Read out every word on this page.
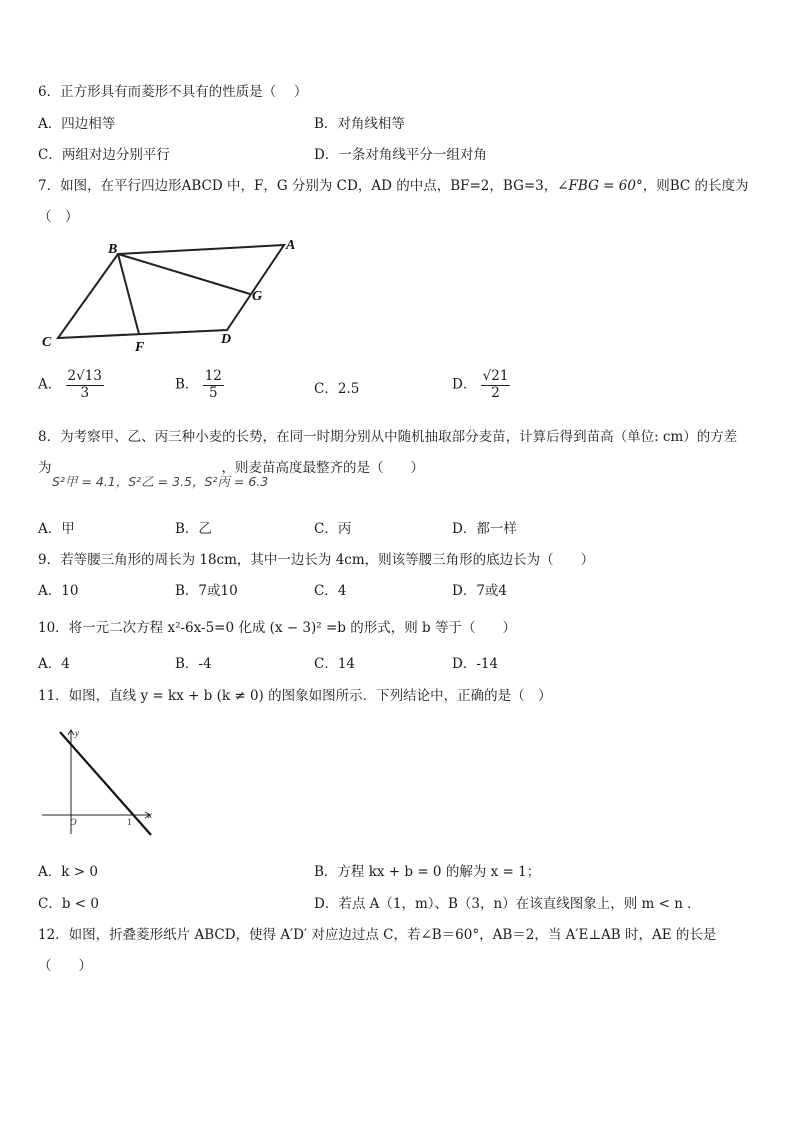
6．正方形具有而菱形不具有的性质是（　 ）
A．四边相等	B．对角线相等
C．两组对边分别平行	D．一条对角线平分一组对角
7．如图，在平行四边形ABCD 中，F，G 分别为 CD，AD 的中点，BF=2，BG=3，∠FBG = 60°，则BC 的长度为
（　）
B	A
G
C	F
D
A． $\frac{2√13}{3}$	B． $\frac{12}{5}$	C．2.5	D． $\frac{√21}{2}$
8．为考察甲、乙、丙三种小麦的长势，在同一时期分别从中随机抽取部分麦苗，计算后得到苗高（单位: cm）的方差
为	，则麦苗高度最整齐的是（　　）
S²甲 = 4.1，S²乙 = 3.5，S²丙 = 6.3
A．甲	B．乙	C．丙	D．都一样
9．若等腰三角形的周长为 18cm，其中一边长为 4cm，则该等腰三角形的底边长为（　　）
A．10	B．7或10	C．4	D．7或4
10．将一元二次方程 x²-6x-5=0 化成 (x − 3)² =b 的形式，则 b 等于（　　）
A．4	B．-4	C．14	D．-14
11．如图，直线 y = kx + b (k ≠ 0) 的图象如图所示．下列结论中，正确的是（　）
y
x
O	1
A．k > 0	B．方程 kx + b = 0 的解为 x = 1；
C．b < 0	D．若点 A（1，m）、B（3，n）在该直线图象上，则 m < n ．
12．如图，折叠菱形纸片 ABCD，使得 A′D′ 对应边过点 C，若∠B＝60°，AB＝2，当 A′E⊥AB 时，AE 的长是
（　　）
